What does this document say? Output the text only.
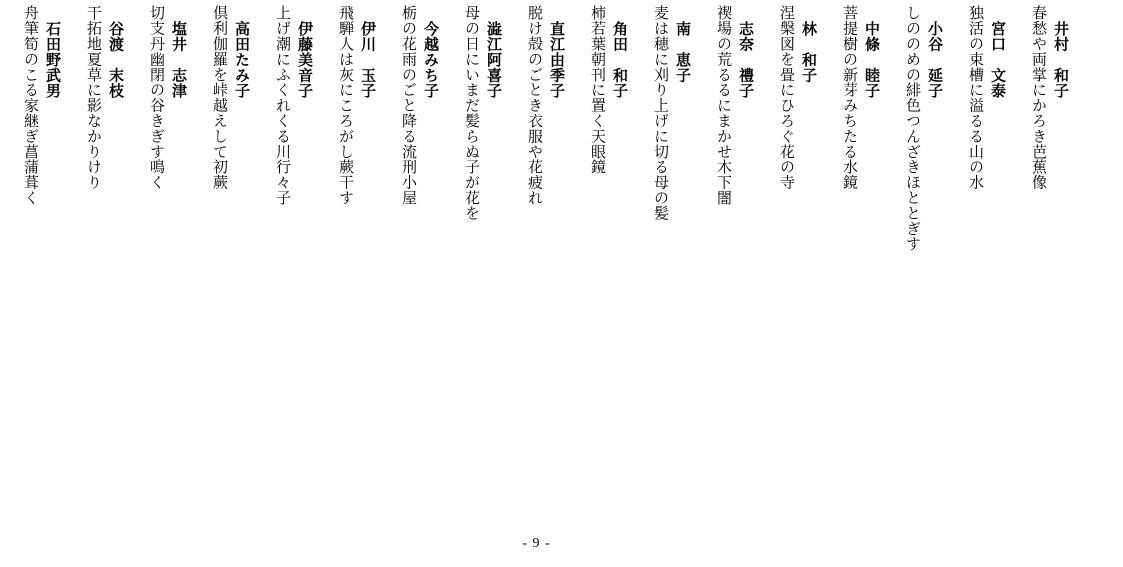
井村　和子
春愁や両掌にかろき芭蕉像
宮口　文泰
独活の束槽に溢るる山の水
小谷　延子
しののめの緋色つんざきほととぎす
中條　睦子
菩提樹の新芽みちたる水鏡
林　和子
涅槃図を畳にひろぐ花の寺
志奈　禮子
禊場の荒るるにまかせ木下闇
南　恵子
麦は穂に刈り上げに切る母の髪
角田　和子
柿若葉朝刊に置く天眼鏡
直江由季子
脱け殻のごとき衣服や花疲れ
澁江阿喜子
母の日にいまだ髪らぬ子が花を
今越みち子
栃の花雨のごと降る流刑小屋
伊川　玉子
飛騨人は灰にころがし蕨干す
伊藤美音子
上げ潮にふくれくる川行々子
高田たみ子
倶利伽羅を峠越えして初蕨
塩井　志津
切支丹幽閉の谷きぎす鳴く
谷渡　末枝
干拓地夏草に影なかりけり
石田野武男
舟筆筍のこる家継ぎ菖蒲葺く
- 9 -
